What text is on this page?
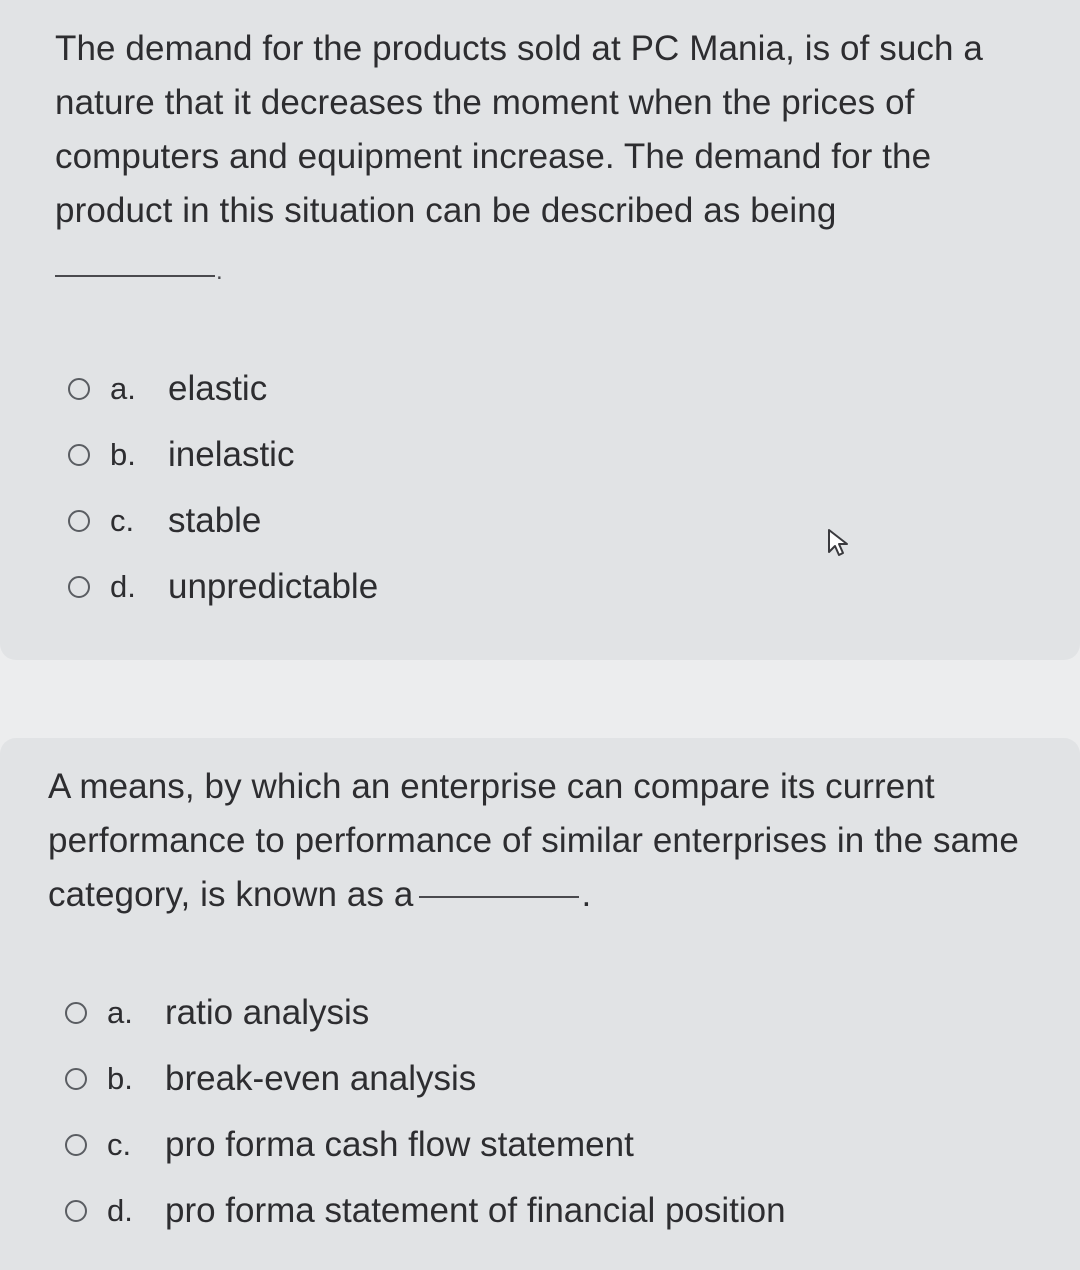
The demand for the products sold at PC Mania, is of such a nature that it decreases the moment when the prices of computers and equipment increase. The demand for the product in this situation can be described as being

.
a. elastic
b. inelastic
c. stable
d. unpredictable

A means, by which an enterprise can compare its current performance to performance of similar enterprises in the same category, is known as a	.

a. ratio analysis
b. break-even analysis
c. pro forma cash flow statement
d. pro forma statement of financial position
